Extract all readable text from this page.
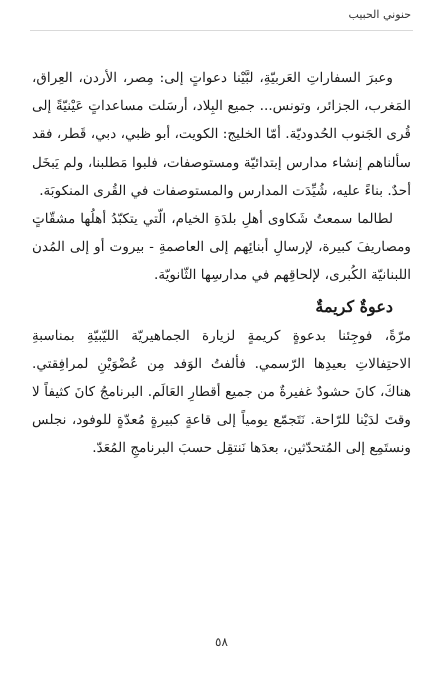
حنوني الحبيب

وعبرَ السفاراتِ العَربيّةِ، لبَّيْنا دعواتٍ إلى: مِصر، الأردن، العِراق، المَغرب، الجزائر، وتونس... جميع البِلاد، أرسَلت مساعداتٍ عَيْنيّةً إلى قُرى الجَنوب الحُدوديّة. أمّا الخليج: الكويت، أبو ظبي، دبي، قَطر، فقد سألناهم إنشاء مدارس إبتدائيّة ومستوصفات، فلبوا مَطلبنا، ولم يَبخَل أحدٌ. بناءً عليه، شُيِّدَت المدارس والمستوصفات في القُرى المنكوبَة.

لطالما سمعتُ شَكاوى أهلِ بلدَةِ الخيام، الّتي يتكبّدُ أهلُها مشقّاتٍ ومصاريفَ كبيرة، لإرسالِ أبنائِهم إلى العاصمةِ - بيروت أو إلى المُدن اللبنانيّة الكُبرى، لإلحاقِهم في مدارسِها الثّانويّة.

دعوةٌ كريمةٌ

مرّةً، فوجِئنا بدعوةٍ كريمةٍ لزيارة الجماهيريّة الليّبيّةِ بمناسبةِ الاحتِفالاتِ بعيدِها الرّسمي. فألفتُ الوَفد مِن عُضْوَيْنِ لمرافِقتي. هناكَ، كانَ حشودٌ غفيرةٌ من جميع أقطارِ العَالَم. البرنامجُ كانَ كثيفاً لا وقتَ لدَيْنا للرّاحة. نَتَجمّع يومياً إلى قاعةٍ كبيرةٍ مُعدّةٍ للوفود، نجلس ونستَمِع إلى المُتحدّثين، بعدَها نَنتقِل حسبَ البرنامجِ المُعَدّ.

٥٨
